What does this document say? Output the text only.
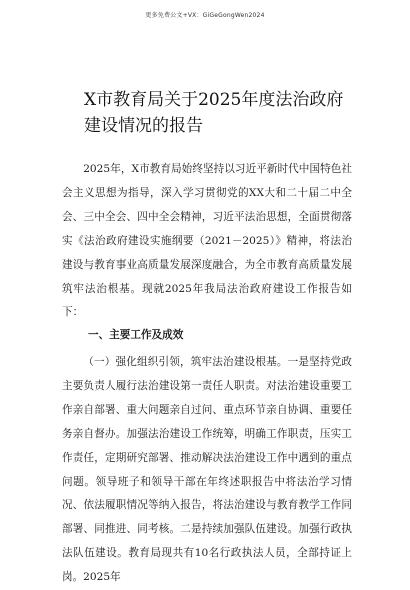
更多免费公文+VX：GiGeGongWen2024
X市教育局关于2025年度法治政府建设情况的报告

2025年，X市教育局始终坚持以习近平新时代中国特色社会主义思想为指导，深入学习贯彻党的XX大和二十届二中全会、三中全会、四中全会精神，习近平法治思想，全面贯彻落实《法治政府建设实施纲要（2021－2025）》精神，将法治建设与教育事业高质量发展深度融合，为全市教育高质量发展筑牢法治根基。现就2025年我局法治政府建设工作报告如下：

一、主要工作及成效

（一）强化组织引领，筑牢法治建设根基。一是坚持党政主要负责人履行法治建设第一责任人职责。对法治建设重要工作亲自部署、重大问题亲自过问、重点环节亲自协调、重要任务亲自督办。加强法治建设工作统筹，明确工作职责，压实工作责任，定期研究部署、推动解决法治建设工作中遇到的重点问题。领导班子和领导干部在年终述职报告中将法治学习情况、依法履职情况等纳入报告，将法治建设与教育教学工作同部署、同推进、同考核。二是持续加强队伍建设。加强行政执法队伍建设。教育局现共有10名行政执法人员，全部持证上岗。2025年
